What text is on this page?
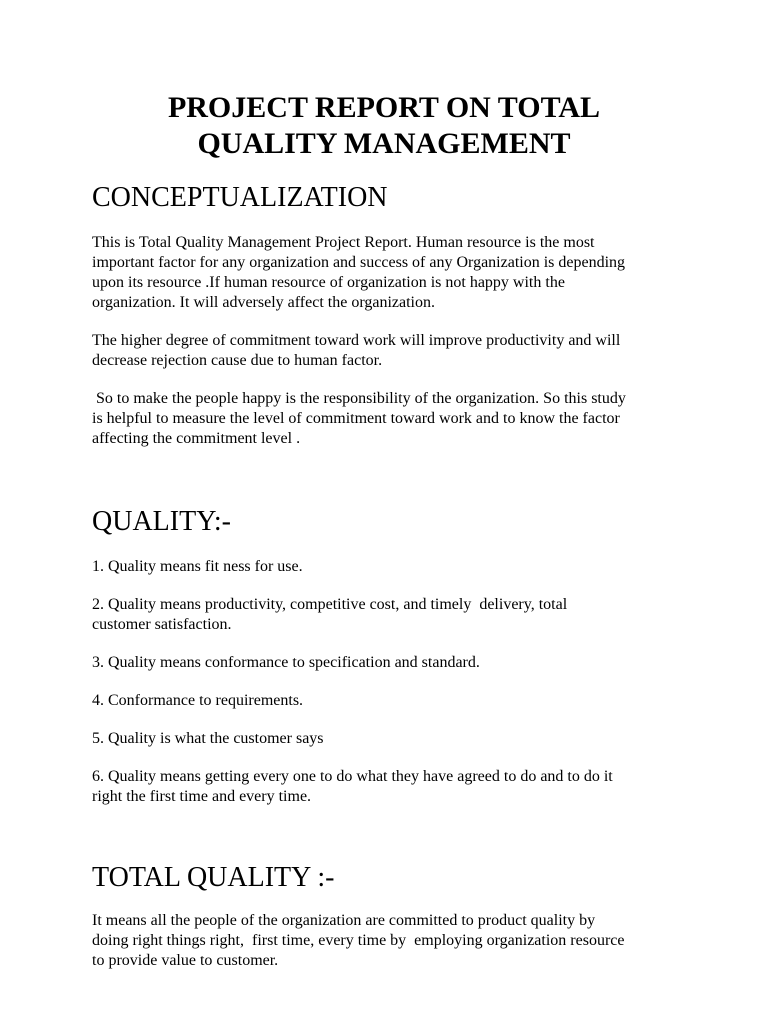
PROJECT REPORT ON TOTAL
QUALITY MANAGEMENT
CONCEPTUALIZATION

This is Total Quality Management Project Report. Human resource is the most
important factor for any organization and success of any Organization is depending
upon its resource .If human resource of organization is not happy with the
organization. It will adversely affect the organization.

The higher degree of commitment toward work will improve productivity and will
decrease rejection cause due to human factor.

So to make the people happy is the responsibility of the organization. So this study
is helpful to measure the level of commitment toward work and to know the factor
affecting the commitment level .

QUALITY:-

1. Quality means fit ness for use.

2. Quality means productivity, competitive cost, and timely  delivery, total
customer satisfaction.

3. Quality means conformance to specification and standard.

4. Conformance to requirements.

5. Quality is what the customer says

6. Quality means getting every one to do what they have agreed to do and to do it
right the first time and every time.

TOTAL QUALITY :-

It means all the people of the organization are committed to product quality by
doing right things right,  first time, every time by  employing organization resource
to provide value to customer.
